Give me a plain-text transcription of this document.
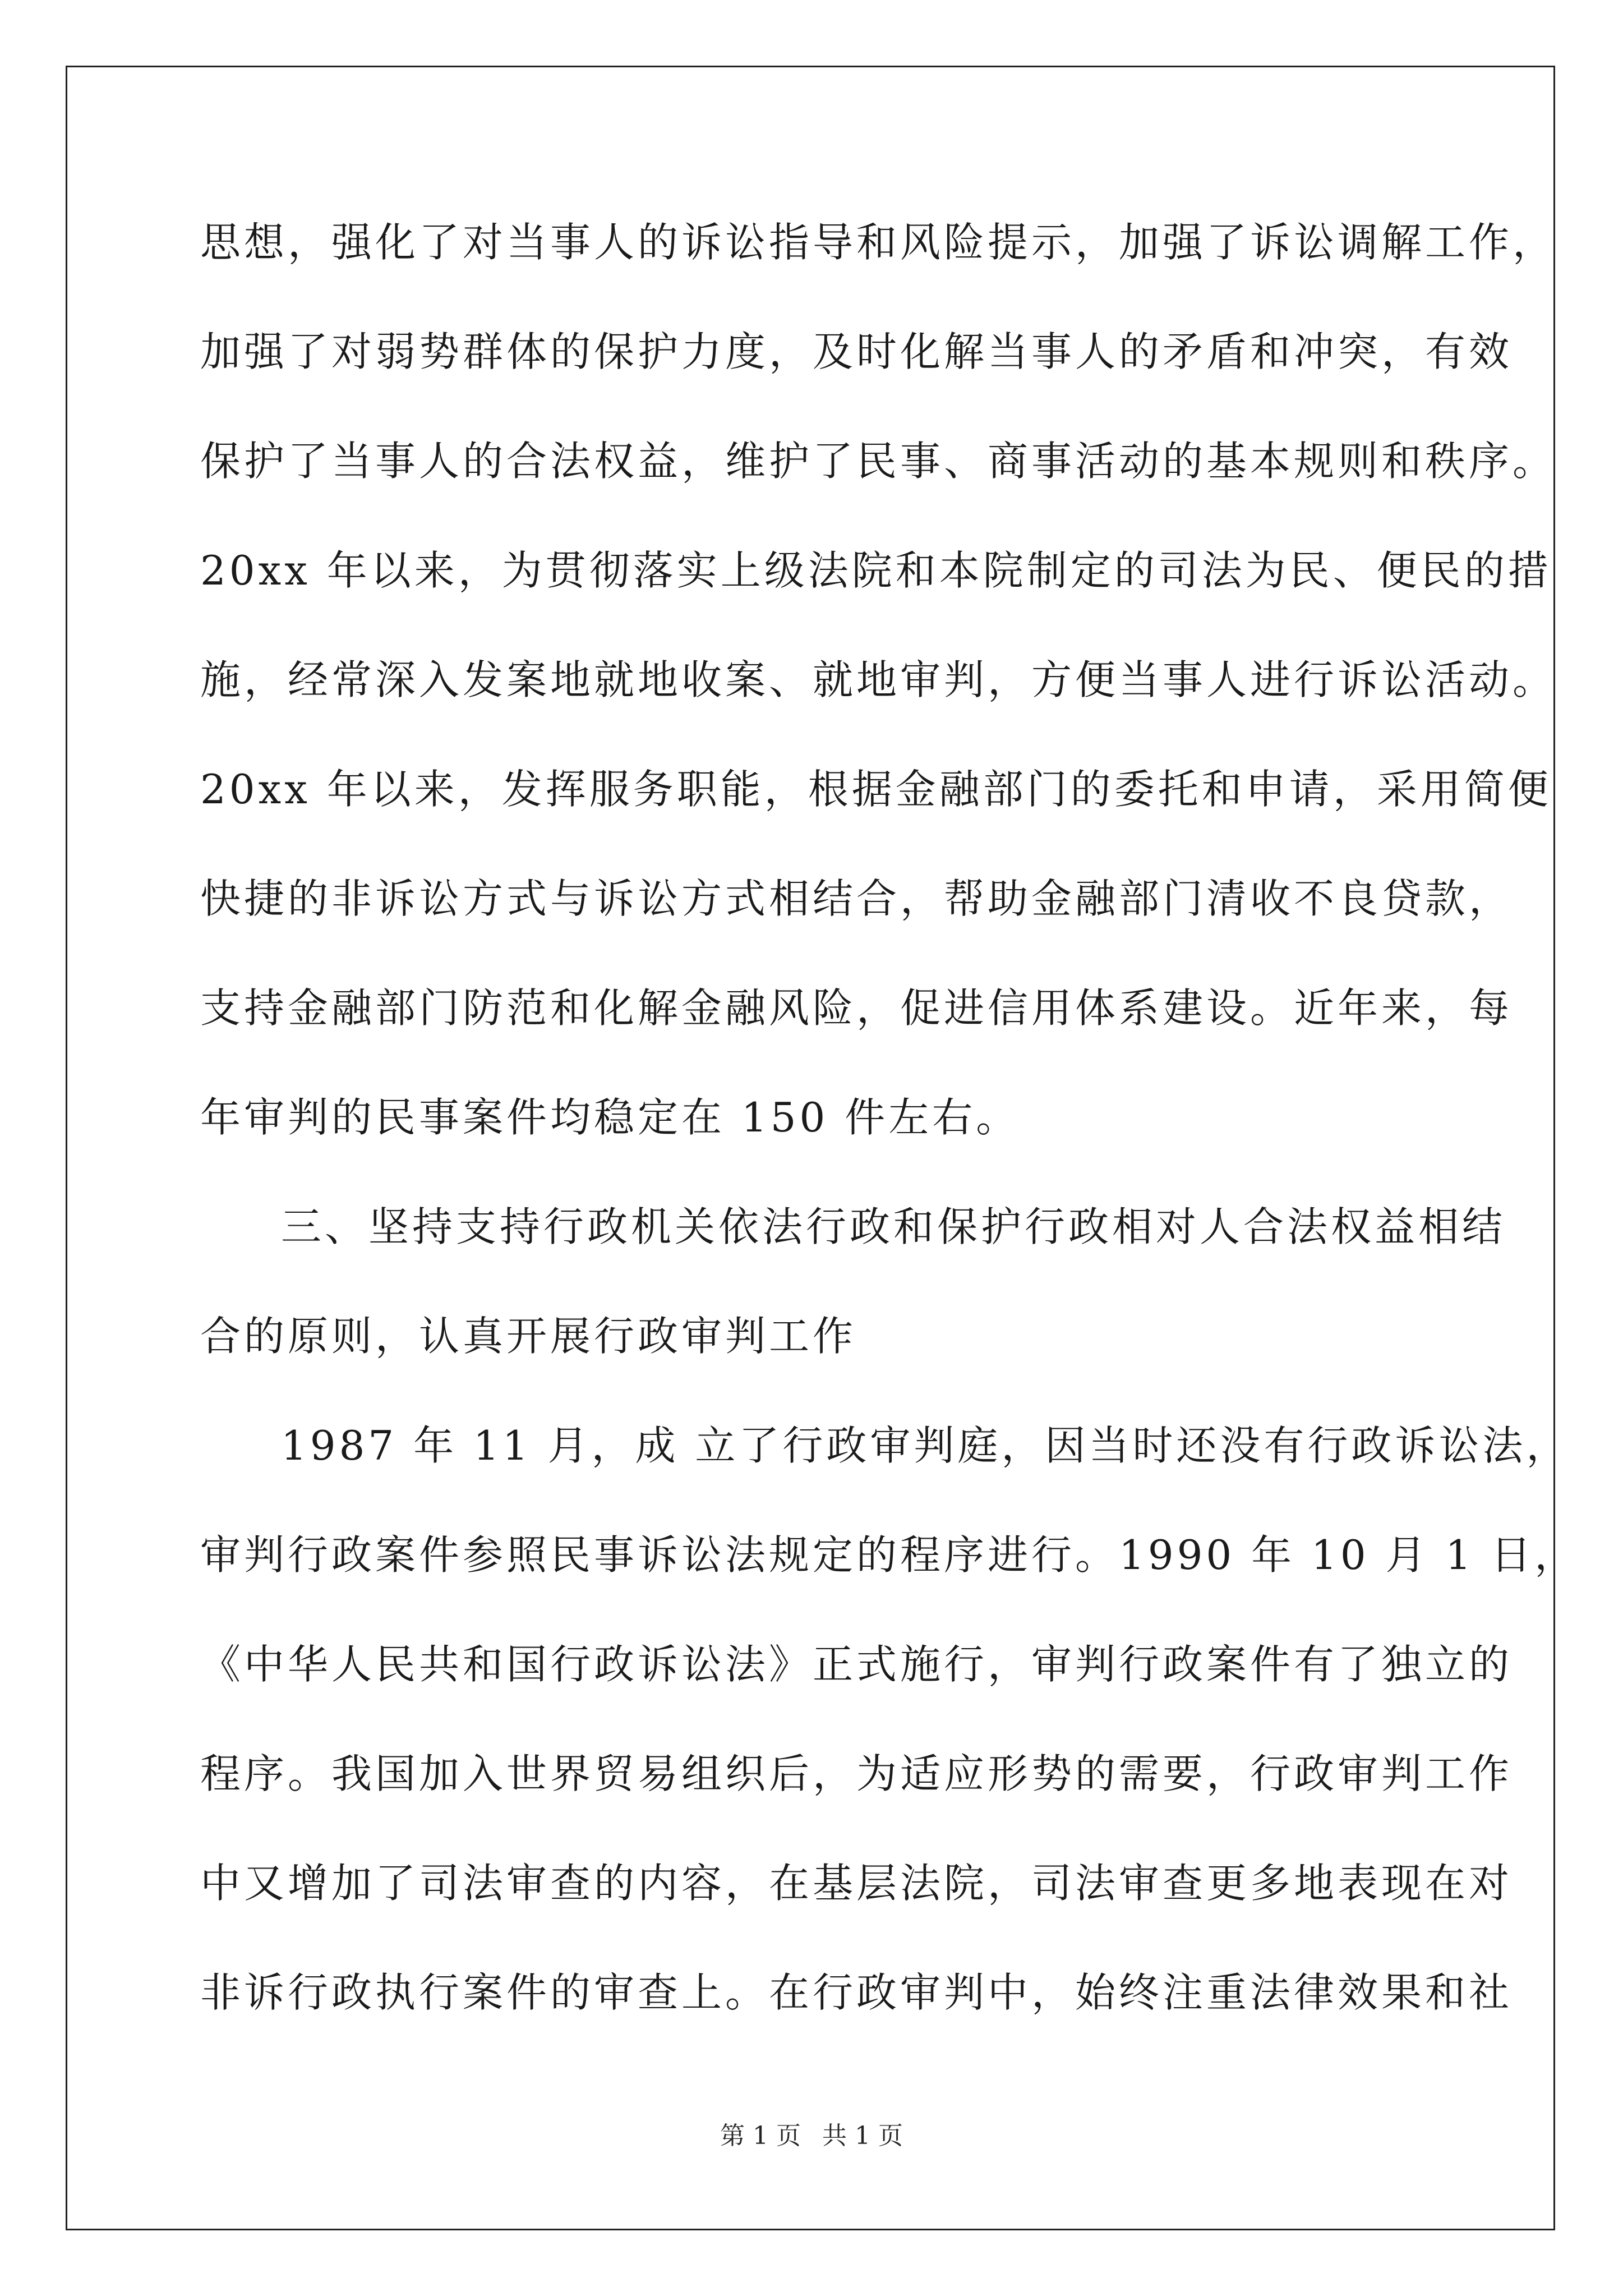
思想，强化了对当事人的诉讼指导和风险提示，加强了诉讼调解工作，
加强了对弱势群体的保护力度，及时化解当事人的矛盾和冲突，有效
保护了当事人的合法权益，维护了民事、商事活动的基本规则和秩序。
20xx 年以来，为贯彻落实上级法院和本院制定的司法为民、便民的措
施，经常深入发案地就地收案、就地审判，方便当事人进行诉讼活动。
20xx 年以来，发挥服务职能，根据金融部门的委托和申请，采用简便
快捷的非诉讼方式与诉讼方式相结合，帮助金融部门清收不良贷款，
支持金融部门防范和化解金融风险，促进信用体系建设。近年来，每
年审判的民事案件均稳定在 150 件左右。
三、坚持支持行政机关依法行政和保护行政相对人合法权益相结
合的原则，认真开展行政审判工作
1987 年 11 月，成 立了行政审判庭，因当时还没有行政诉讼法，
审判行政案件参照民事诉讼法规定的程序进行。1990 年 10 月 1 日，
《中华人民共和国行政诉讼法》正式施行，审判行政案件有了独立的
程序。我国加入世界贸易组织后，为适应形势的需要，行政审判工作
中又增加了司法审查的内容，在基层法院，司法审查更多地表现在对
非诉行政执行案件的审查上。在行政审判中，始终注重法律效果和社
第 1 页 共 1 页
